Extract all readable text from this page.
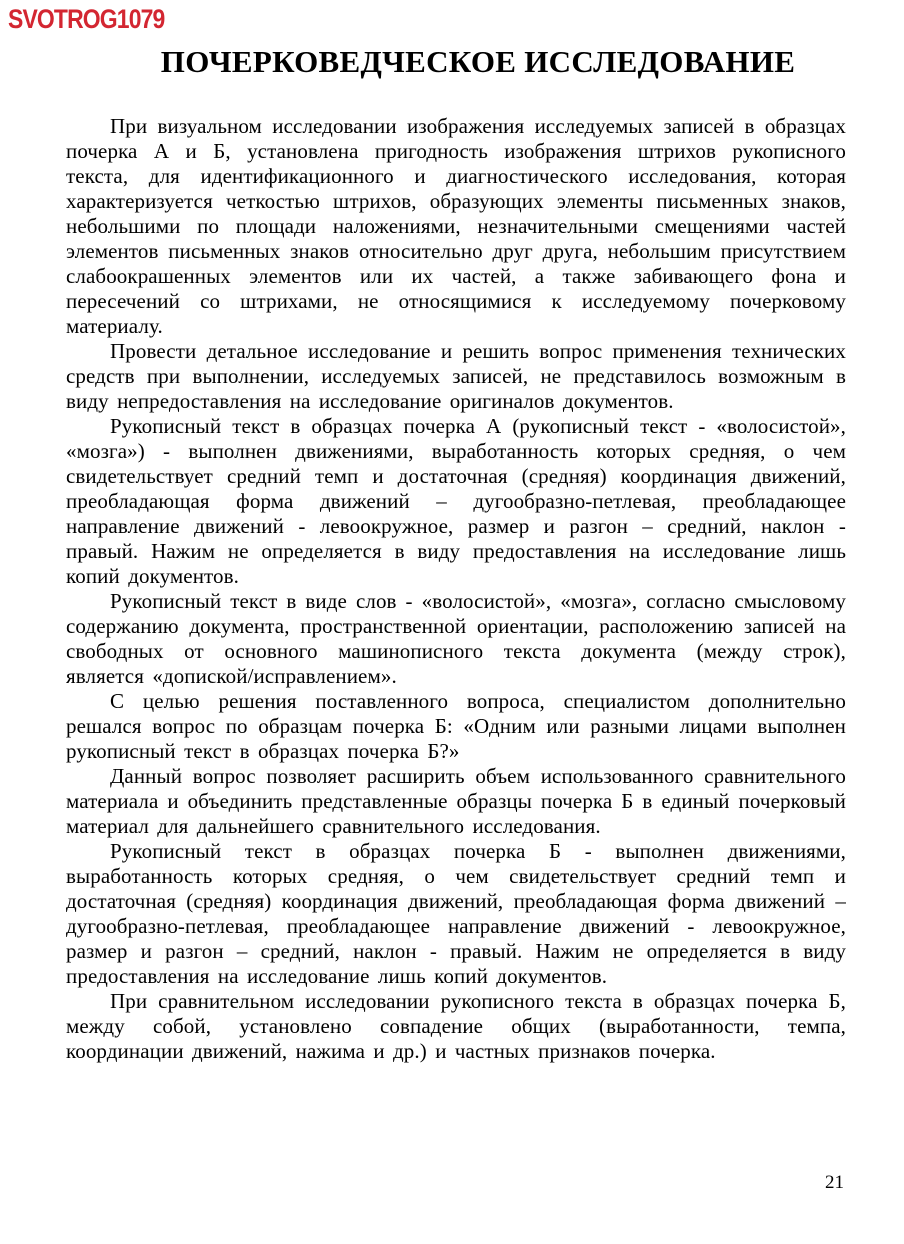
SVOTROG1079
ПОЧЕРКОВЕДЧЕСКОЕ ИССЛЕДОВАНИЕ

При визуальном исследовании изображения исследуемых записей в образцах почерка А и Б, установлена пригодность изображения штрихов рукописного текста, для идентификационного и диагностического исследования, которая характеризуется четкостью штрихов, образующих элементы письменных знаков, небольшими по площади наложениями, незначительными смещениями частей элементов письменных знаков относительно друг друга, небольшим присутствием слабоокрашенных элементов или их частей, а также забивающего фона и пересечений со штрихами, не относящимися к исследуемому почерковому материалу.

Провести детальное исследование и решить вопрос применения технических средств при выполнении, исследуемых записей, не представилось возможным в виду непредоставления на исследование оригиналов документов.

Рукописный текст в образцах почерка А (рукописный текст - «волосистой», «мозга») - выполнен движениями, выработанность которых средняя, о чем свидетельствует средний темп и достаточная (средняя) координация движений, преобладающая форма движений – дугообразно-петлевая, преобладающее направление движений - левоокружное, размер и разгон – средний, наклон - правый. Нажим не определяется в виду предоставления на исследование лишь копий документов.

Рукописный текст в виде слов - «волосистой», «мозга», согласно смысловому содержанию документа, пространственной ориентации, расположению записей на свободных от основного машинописного текста документа (между строк), является «допиской/исправлением».

С целью решения поставленного вопроса, специалистом дополнительно решался вопрос по образцам почерка Б: «Одним или разными лицами выполнен рукописный текст в образцах почерка Б?»

Данный вопрос позволяет расширить объем использованного сравнительного материала и объединить представленные образцы почерка Б в единый почерковый материал для дальнейшего сравнительного исследования.

Рукописный текст в образцах почерка Б - выполнен движениями, выработанность которых средняя, о чем свидетельствует средний темп и достаточная (средняя) координация движений, преобладающая форма движений – дугообразно-петлевая, преобладающее направление движений - левоокружное, размер и разгон – средний, наклон - правый. Нажим не определяется в виду предоставления на исследование лишь копий документов.

При сравнительном исследовании рукописного текста в образцах почерка Б, между собой, установлено совпадение общих (выработанности, темпа, координации движений, нажима и др.) и частных признаков почерка.

21
